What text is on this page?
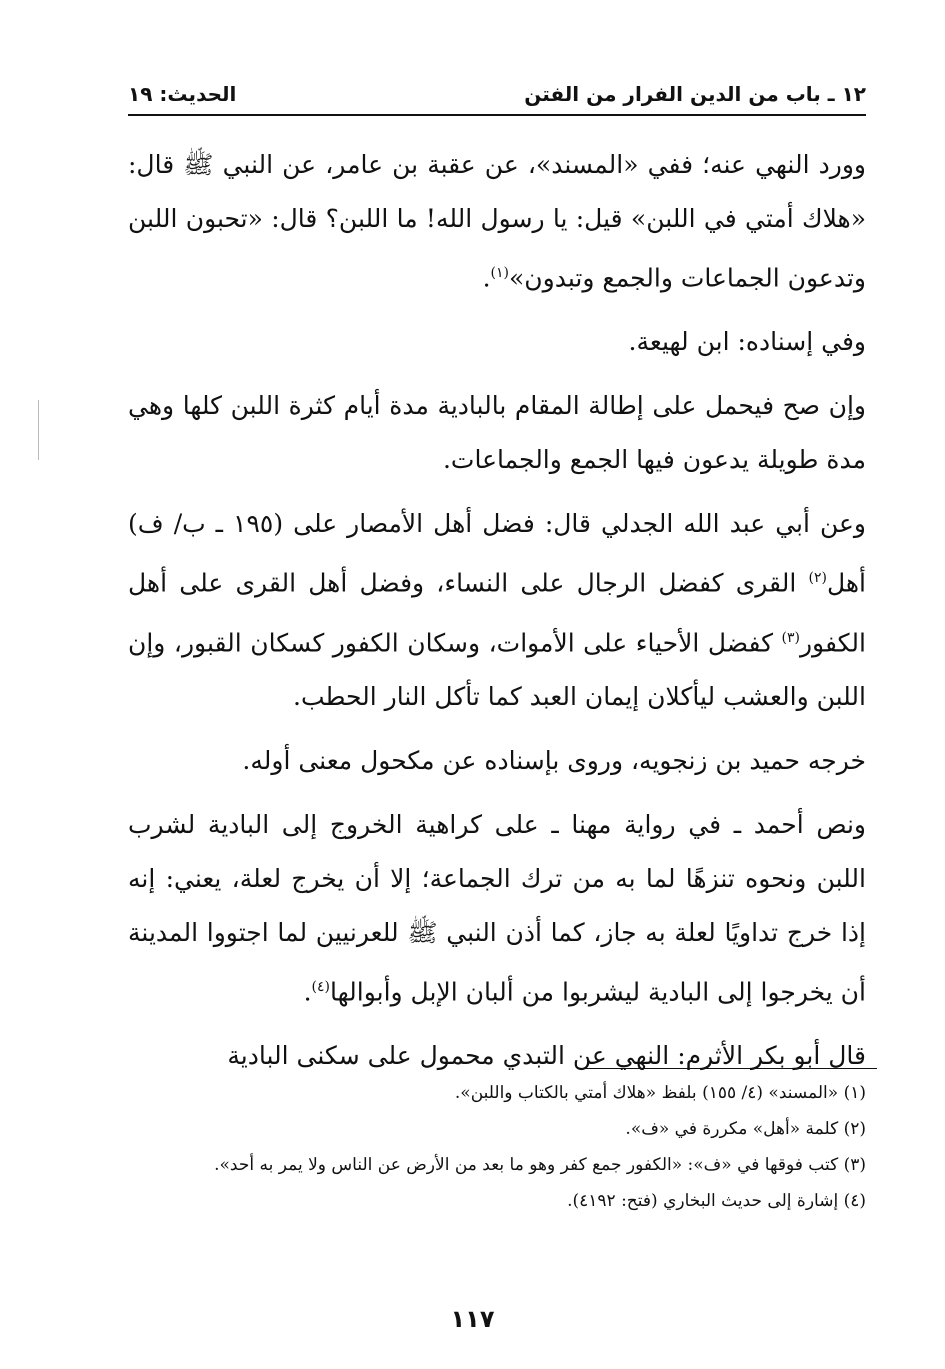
١٢ ـ باب من الدين الفرار من الفتن
الحديث: ١٩

وورد النهي عنه؛ ففي «المسند»، عن عقبة بن عامر، عن النبي ﷺ قال: «هلاك أمتي في اللبن» قيل: يا رسول الله! ما اللبن؟ قال: «تحبون اللبن وتدعون الجماعات والجمع وتبدون»$^{(١)}$.

وفي إسناده: ابن لهيعة.

وإن صح فيحمل على إطالة المقام بالبادية مدة أيام كثرة اللبن كلها وهي مدة طويلة يدعون فيها الجمع والجماعات.

وعن أبي عبد الله الجدلي قال: فضل أهل الأمصار على (١٩٥ ـ ب/ ف) أهل$^{(٢)}$ القرى كفضل الرجال على النساء، وفضل أهل القرى على أهل الكفور$^{(٣)}$ كفضل الأحياء على الأموات، وسكان الكفور كسكان القبور، وإن اللبن والعشب ليأكلان إيمان العبد كما تأكل النار الحطب.

خرجه حميد بن زنجويه، وروى بإسناده عن مكحول معنى أوله.

ونص أحمد ـ في رواية مهنا ـ على كراهية الخروج إلى البادية لشرب اللبن ونحوه تنزهًا لما به من ترك الجماعة؛ إلا أن يخرج لعلة، يعني: إنه إذا خرج تداويًا لعلة به جاز، كما أذن النبي ﷺ للعرنيين لما اجتووا المدينة أن يخرجوا إلى البادية ليشربوا من ألبان الإبل وأبوالها$^{(٤)}$.

قال أبو بكر الأثرم: النهي عن التبدي محمول على سكنى البادية

(١) «المسند» (٤/ ١٥٥) بلفظ «هلاك أمتي بالكتاب واللبن».

(٢) كلمة «أهل» مكررة في «ف».

(٣) كتب فوقها في «ف»: «الكفور جمع كفر وهو ما بعد من الأرض عن الناس ولا يمر به أحد».

(٤) إشارة إلى حديث البخاري (فتح: ٤١٩٢).

١١٧
